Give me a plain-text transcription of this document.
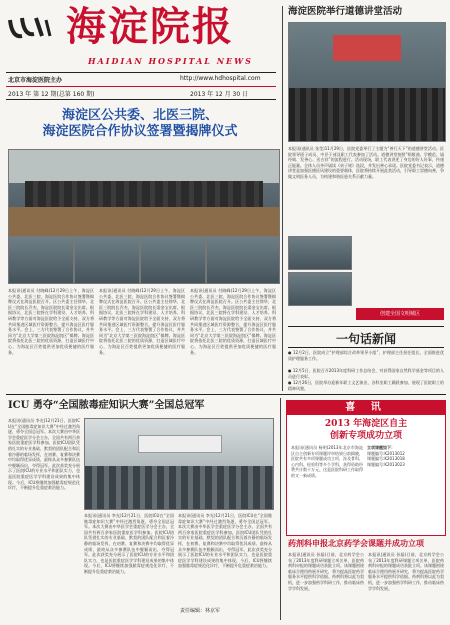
海淀院报
HAIDIAN HOSPITAL NEWS
北京市海淀医院主办	http://www.hdhospital.com
2013 年 第 12 期(总第 160 期)	2013 年 12 月 30 日
海淀区公共委、北医三院、
海淀医院合作协议签署暨揭牌仪式
本报讯(通讯员 付晓峰)12月29日上午，海淀区公共委、北医三院、海淀医院合作协议签署暨揭牌仪式在海淀医院召开。区公共委主任徐华，北医三院院长乔杰，海淀医院院长梁金宝出席。根据协议，北医三院将在学科建设、人才培养、科研教学等方面对海淀医院给予全面支持，双方将共同推进区域医疗资源整合，提升海淀区医疗服务水平。会上，三方代表签署了合作协议，并共同为“北京大学第三医院海淀院区”揭牌。海淀医院将依托北医三院的优质资源，打造区域医疗中心，为海淀区百姓提供更加优质便捷的医疗服务。
本报讯(通讯员 付晓峰)12月29日上午，海淀区公共委、北医三院、海淀医院合作协议签署暨揭牌仪式在海淀医院召开。区公共委主任徐华，北医三院院长乔杰，海淀医院院长梁金宝出席。根据协议，北医三院将在学科建设、人才培养、科研教学等方面对海淀医院给予全面支持，双方将共同推进区域医疗资源整合，提升海淀区医疗服务水平。会上，三方代表签署了合作协议，并共同为“北京大学第三医院海淀院区”揭牌。海淀医院将依托北医三院的优质资源，打造区域医疗中心，为海淀区百姓提供更加优质便捷的医疗服务。
本报讯(通讯员 付晓峰)12月29日上午，海淀区公共委、北医三院、海淀医院合作协议签署暨揭牌仪式在海淀医院召开。区公共委主任徐华，北医三院院长乔杰，海淀医院院长梁金宝出席。根据协议，北医三院将在学科建设、人才培养、科研教学等方面对海淀医院给予全面支持，双方将共同推进区域医疗资源整合，提升海淀区医疗服务水平。会上，三方代表签署了合作协议，并共同为“北京大学第三医院海淀院区”揭牌。海淀医院将依托北医三院的优质资源，打造区域医疗中心，为海淀区百姓提供更加优质便捷的医疗服务。
海淀医院举行道德讲堂活动
本报讯(通讯员 张莹)11月29日，医院党委举行了主题为“善行天下”的道德讲堂活动。医院领导班子成员、中层干部及职工代表参加了活动。道德讲堂按照“唱歌曲、学模范、诵经典、发善心、送吉祥”的流程进行。活动现场，职工代表讲述了身边的好人好事，传递正能量。全体人员齐声诵读《弟子规》选段，并发出善心承诺。医院党委书记表示，道德讲堂是加强医德医风建设的重要载体，医院将持续开展此类活动，引导职工崇德向善，争做文明医务人员，为构建和谐医患关系贡献力量。
创建全国文明城区
一句话新闻
● 12月2日，医院成立“护理部综合改革领导小组”，护理部主任担任组长，全面推进优质护理服务工作。
● 12月5日，医院召开2013年度科研工作总结会，对获得国家自然科学基金等项目的人员进行表彰。
● 12月26日，医院举办迎新年职工文艺演出，各科室职工踊跃参加，展现了医院职工的精神风貌。
ICU 勇夺“全国脓毒症知识大赛”全国总冠军
本报讯(通讯员 李光)12月21日，医院ICU在“全国脓毒症知识大赛”中经过激烈角逐，勇夺全国总冠军。本次大赛由中华医学会重症医学分会主办，全国共有两百余家医院重症医学科参加。医院ICU团队凭借扎实的专业基础、默契的团队配合和沉着冷静的临场发挥，在初赛、复赛和决赛中均取得优异成绩，最终从众多参赛队伍中脱颖而出，夺得冠军。此次获奖充分展示了医院ICU的专业水平和团队实力，也是医院重症医学学科建设成果的集中体现。今后，ICU将继续加强脓毒症规范化诊疗，不断提升危重症救治能力。
本报讯(通讯员 李光)12月21日，医院ICU在“全国脓毒症知识大赛”中经过激烈角逐，勇夺全国总冠军。本次大赛由中华医学会重症医学分会主办，全国共有两百余家医院重症医学科参加。医院ICU团队凭借扎实的专业基础、默契的团队配合和沉着冷静的临场发挥，在初赛、复赛和决赛中均取得优异成绩，最终从众多参赛队伍中脱颖而出，夺得冠军。此次获奖充分展示了医院ICU的专业水平和团队实力，也是医院重症医学学科建设成果的集中体现。今后，ICU将继续加强脓毒症规范化诊疗，不断提升危重症救治能力。
本报讯(通讯员 李光)12月21日，医院ICU在“全国脓毒症知识大赛”中经过激烈角逐，勇夺全国总冠军。本次大赛由中华医学会重症医学分会主办，全国共有两百余家医院重症医学科参加。医院ICU团队凭借扎实的专业基础、默契的团队配合和沉着冷静的临场发挥，在初赛、复赛和决赛中均取得优异成绩，最终从众多参赛队伍中脱颖而出，夺得冠军。此次获奖充分展示了医院ICU的专业水平和团队实力，也是医院重症医学学科建设成果的集中体现。今后，ICU将继续加强脓毒症规范化诊疗，不断提升危重症救治能力。
责任编辑：林京军
喜 讯
2013 年海淀区自主
创新专项成功立项
本报讯(通讯员 杨明)2013年北京市海淀区自主创新专项课题评审结果日前揭晓，医院共有多项课题成功立项，涉及骨科、心内科、检验科等多个学科，获得资助经费共计数十万元。这是医院科研工作取得的又一新成绩。
立项课题如下：
课题编号:K2013012
课题编号:K2013018
课题编号:K2013023
药剂科申报北京药学会课题并成功立项
本报讯(通讯员 孙磊)日前，北京药学会公布了2013年度科研课题立项名单，医院药剂科申报的课题成功获批立项。该课题围绕临床合理用药展开研究，将为提高医院药学服务水平提供科学依据。药剂科将以此为契机，进一步加强药学科研工作，推动临床药学学科发展。
本报讯(通讯员 孙磊)日前，北京药学会公布了2013年度科研课题立项名单，医院药剂科申报的课题成功获批立项。该课题围绕临床合理用药展开研究，将为提高医院药学服务水平提供科学依据。药剂科将以此为契机，进一步加强药学科研工作，推动临床药学学科发展。
